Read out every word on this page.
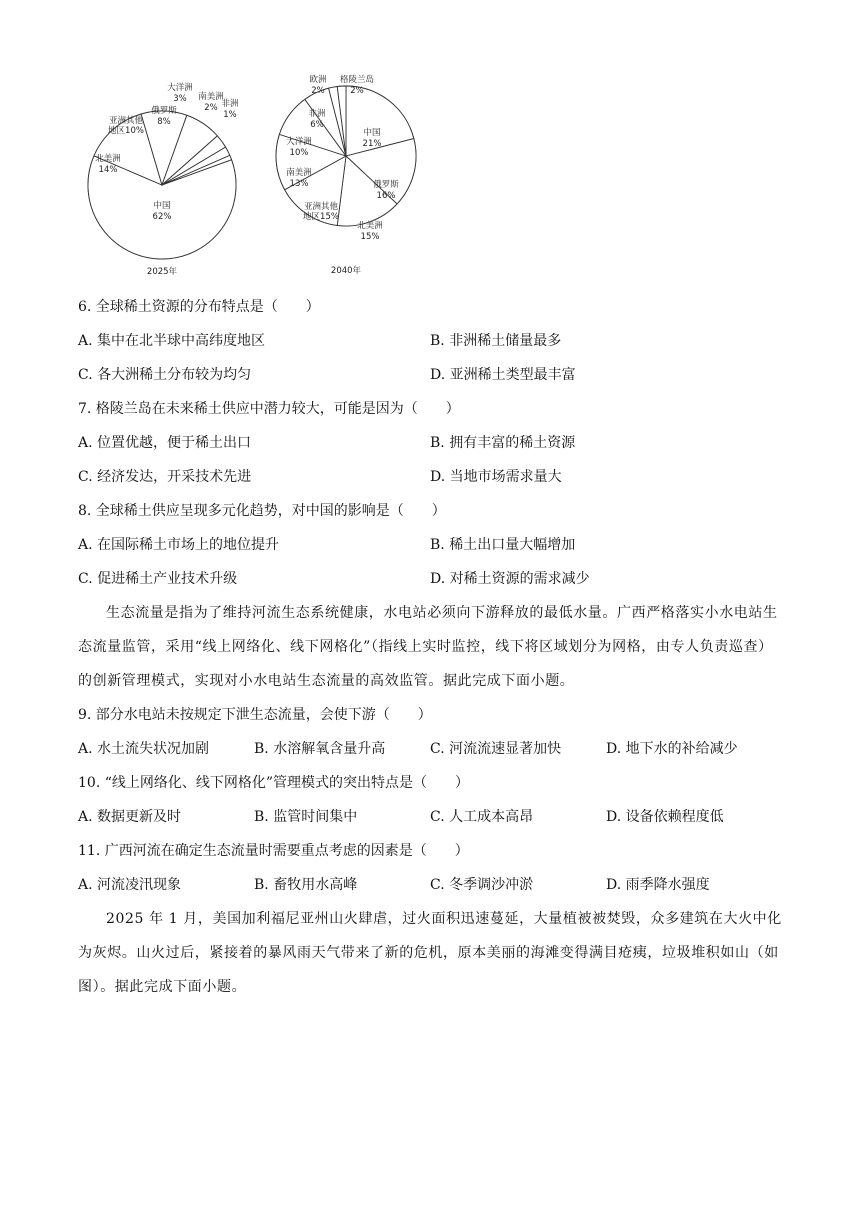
中国
62%
北美洲
14%
亚洲其他
地区10%
俄罗斯
8%
大洋洲
3% 南美洲
2% 非洲
1%
2025年
中国
21%
俄罗斯
16%
北美洲
15%
亚洲其他
地区15%
南美洲
13%
大洋洲
10%
非洲
6%
欧洲
2%
格陵兰岛
2%
2040年
6. 全球稀土资源的分布特点是（　　）
A. 集中在北半球中高纬度地区	B. 非洲稀土储量最多
C. 各大洲稀土分布较为均匀	D. 亚洲稀土类型最丰富
7. 格陵兰岛在未来稀土供应中潜力较大，可能是因为（　　）
A. 位置优越，便于稀土出口	B. 拥有丰富的稀土资源
C. 经济发达，开采技术先进	D. 当地市场需求量大
8. 全球稀土供应呈现多元化趋势，对中国的影响是（　　）
A. 在国际稀土市场上的地位提升	B. 稀土出口量大幅增加
C. 促进稀土产业技术升级	D. 对稀土资源的需求减少
生态流量是指为了维持河流生态系统健康，水电站必须向下游释放的最低水量。广西严格落实小水电站生态流量监管，采用“线上网络化、线下网格化”（指线上实时监控，线下将区域划分为网格，由专人负责巡查）的创新管理模式，实现对小水电站生态流量的高效监管。据此完成下面小题。
9. 部分水电站未按规定下泄生态流量，会使下游（　　）
A. 水土流失状况加剧	B. 水溶解氧含量升高	C. 河流流速显著加快	D. 地下水的补给减少
10. “线上网络化、线下网格化”管理模式的突出特点是（　　）
A. 数据更新及时	B. 监管时间集中	C. 人工成本高昂	D. 设备依赖程度低
11. 广西河流在确定生态流量时需要重点考虑的因素是（　　）
A. 河流凌汛现象	B. 畜牧用水高峰	C. 冬季调沙冲淤	D. 雨季降水强度
2025 年 1 月，美国加利福尼亚州山火肆虐，过火面积迅速蔓延，大量植被被焚毁，众多建筑在大火中化为灰烬。山火过后，紧接着的暴风雨天气带来了新的危机，原本美丽的海滩变得满目疮痍，垃圾堆积如山（如图）。据此完成下面小题。
